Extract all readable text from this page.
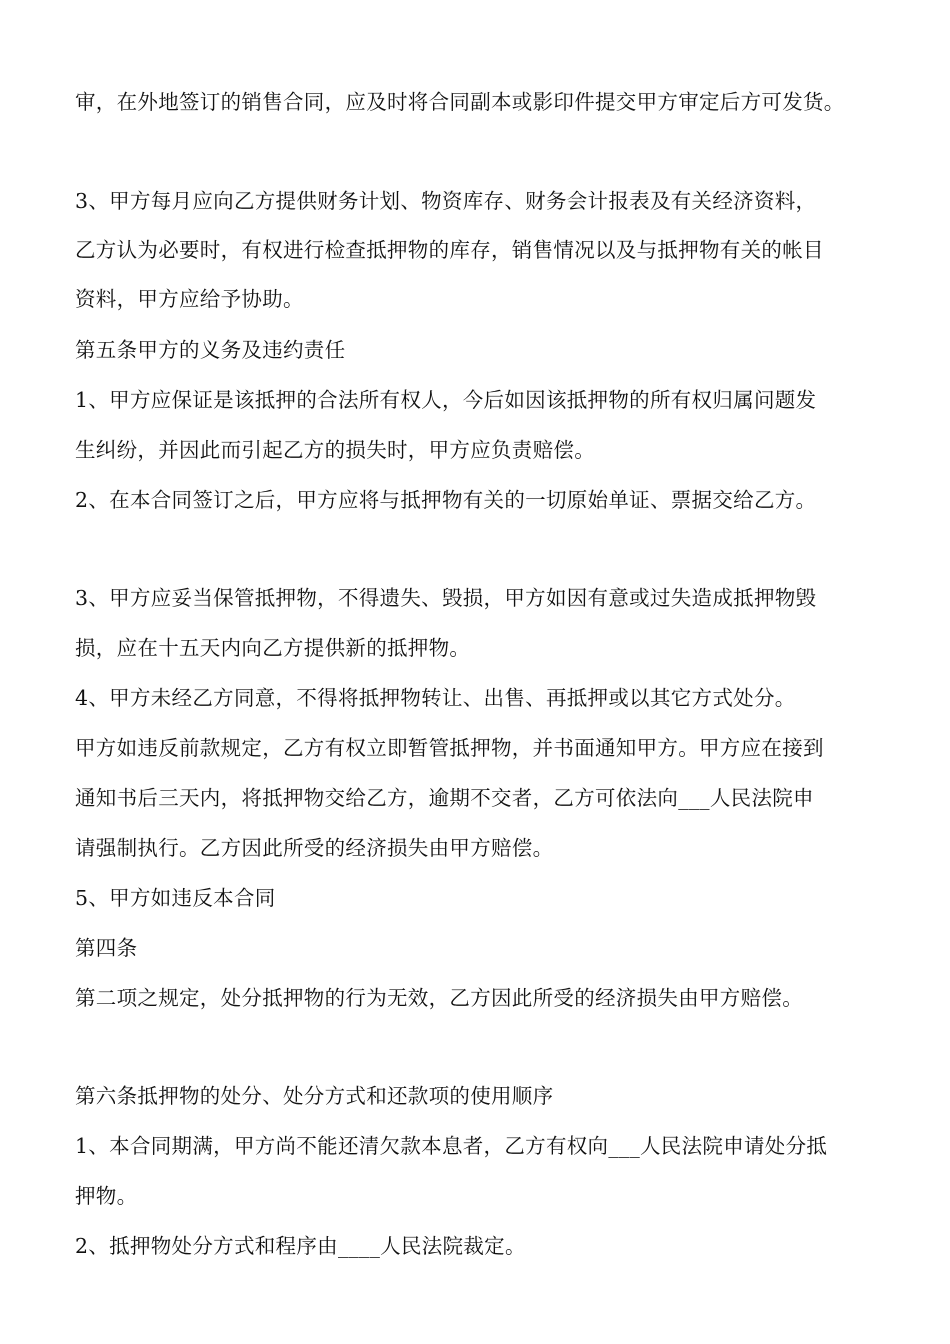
审，在外地签订的销售合同，应及时将合同副本或影印件提交甲方审定后方可发货。
3、甲方每月应向乙方提供财务计划、物资库存、财务会计报表及有关经济资料，
乙方认为必要时，有权进行检查抵押物的库存，销售情况以及与抵押物有关的帐目
资料，甲方应给予协助。
第五条甲方的义务及违约责任
1、甲方应保证是该抵押的合法所有权人，今后如因该抵押物的所有权归属问题发
生纠纷，并因此而引起乙方的损失时，甲方应负责赔偿。
2、在本合同签订之后，甲方应将与抵押物有关的一切原始单证、票据交给乙方。
3、甲方应妥当保管抵押物，不得遗失、毁损，甲方如因有意或过失造成抵押物毁
损，应在十五天内向乙方提供新的抵押物。
4、甲方未经乙方同意，不得将抵押物转让、出售、再抵押或以其它方式处分。
甲方如违反前款规定，乙方有权立即暂管抵押物，并书面通知甲方。甲方应在接到
通知书后三天内，将抵押物交给乙方，逾期不交者，乙方可依法向___人民法院申
请强制执行。乙方因此所受的经济损失由甲方赔偿。
5、甲方如违反本合同
第四条
第二项之规定，处分抵押物的行为无效，乙方因此所受的经济损失由甲方赔偿。
第六条抵押物的处分、处分方式和还款项的使用顺序
1、本合同期满，甲方尚不能还清欠款本息者，乙方有权向___人民法院申请处分抵
押物。
2、抵押物处分方式和程序由____人民法院裁定。
